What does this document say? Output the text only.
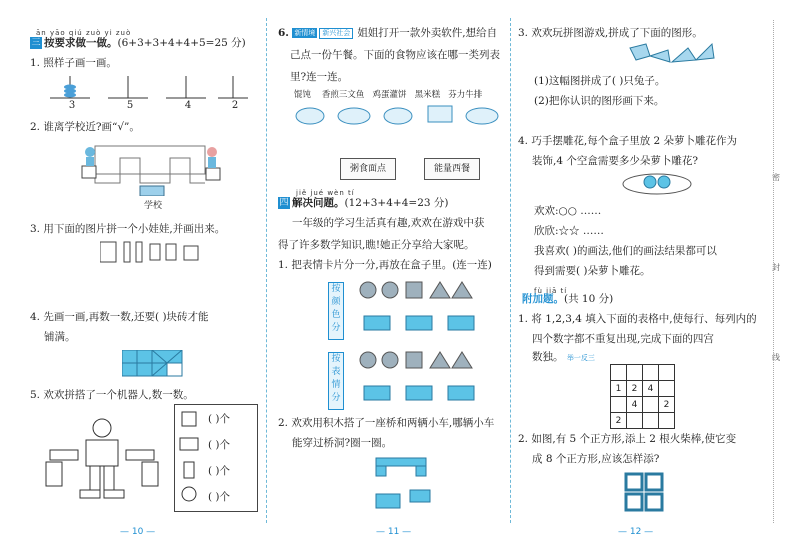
ān yāo qiú zuò yi zuò
三 按要求做一做。(6+3+3+4+4+5=25 分)
1. 照样子画一画。
3	5	4	2
2. 谁离学校近?画“√”。
学校
3. 用下面的图片拼一个小娃娃,并画出来。
4. 先画一画,再数一数,还要( )块砖才能
铺满。
5. 欢欢拼搭了一个机器人,数一数。
( )个
( )个
( )个
( )个
— 10 —
6. 新情境 新兴社会 姐姐打开一款外卖软件,想给自
己点一份午餐。下面的食物应该在哪一类列表
里?连一连。
馄饨 香煎三文鱼 鸡蛋灌饼 黑米糕 芬力牛排
粥食面点	能量西餐
jiě jué wèn tí
四 解决问题。(12+3+4+4=23 分)
一年级的学习生活真有趣,欢欢在游戏中获
得了许多数学知识,瞧!她正分享给大家呢。
1. 把表情卡片分一分,再放在盒子里。(连一连)
按
颜
色
分
按
表
情
分
2. 欢欢用积木搭了一座桥和两辆小车,哪辆小车
能穿过桥洞?圈一圈。
— 11 —
3. 欢欢玩拼图游戏,拼成了下面的图形。
(1)这幅图拼成了( )只兔子。
(2)把你认识的图形画下来。
4. 巧手摆雕花,每个盒子里放 2 朵萝卜雕花作为
装饰,4 个空盒需要多少朵萝卜雕花?
欢欢:○○ ……
欣欣:☆☆ ……
我喜欢( )的画法,他们的画法结果都可以
得到需要( )朵萝卜雕花。
fù jiā tí
附加题。(共 10 分)
1. 将 1,2,3,4 填入下面的表格中,使每行、每列内的
四个数字都不重复出现,完成下面的四宫
数独。 举一反三

1	2	4	
	4		2
2			
2. 如图,有 5 个正方形,添上 2 根火柴棒,使它变
成 8 个正方形,应该怎样添?
— 12 —
密
封
线
